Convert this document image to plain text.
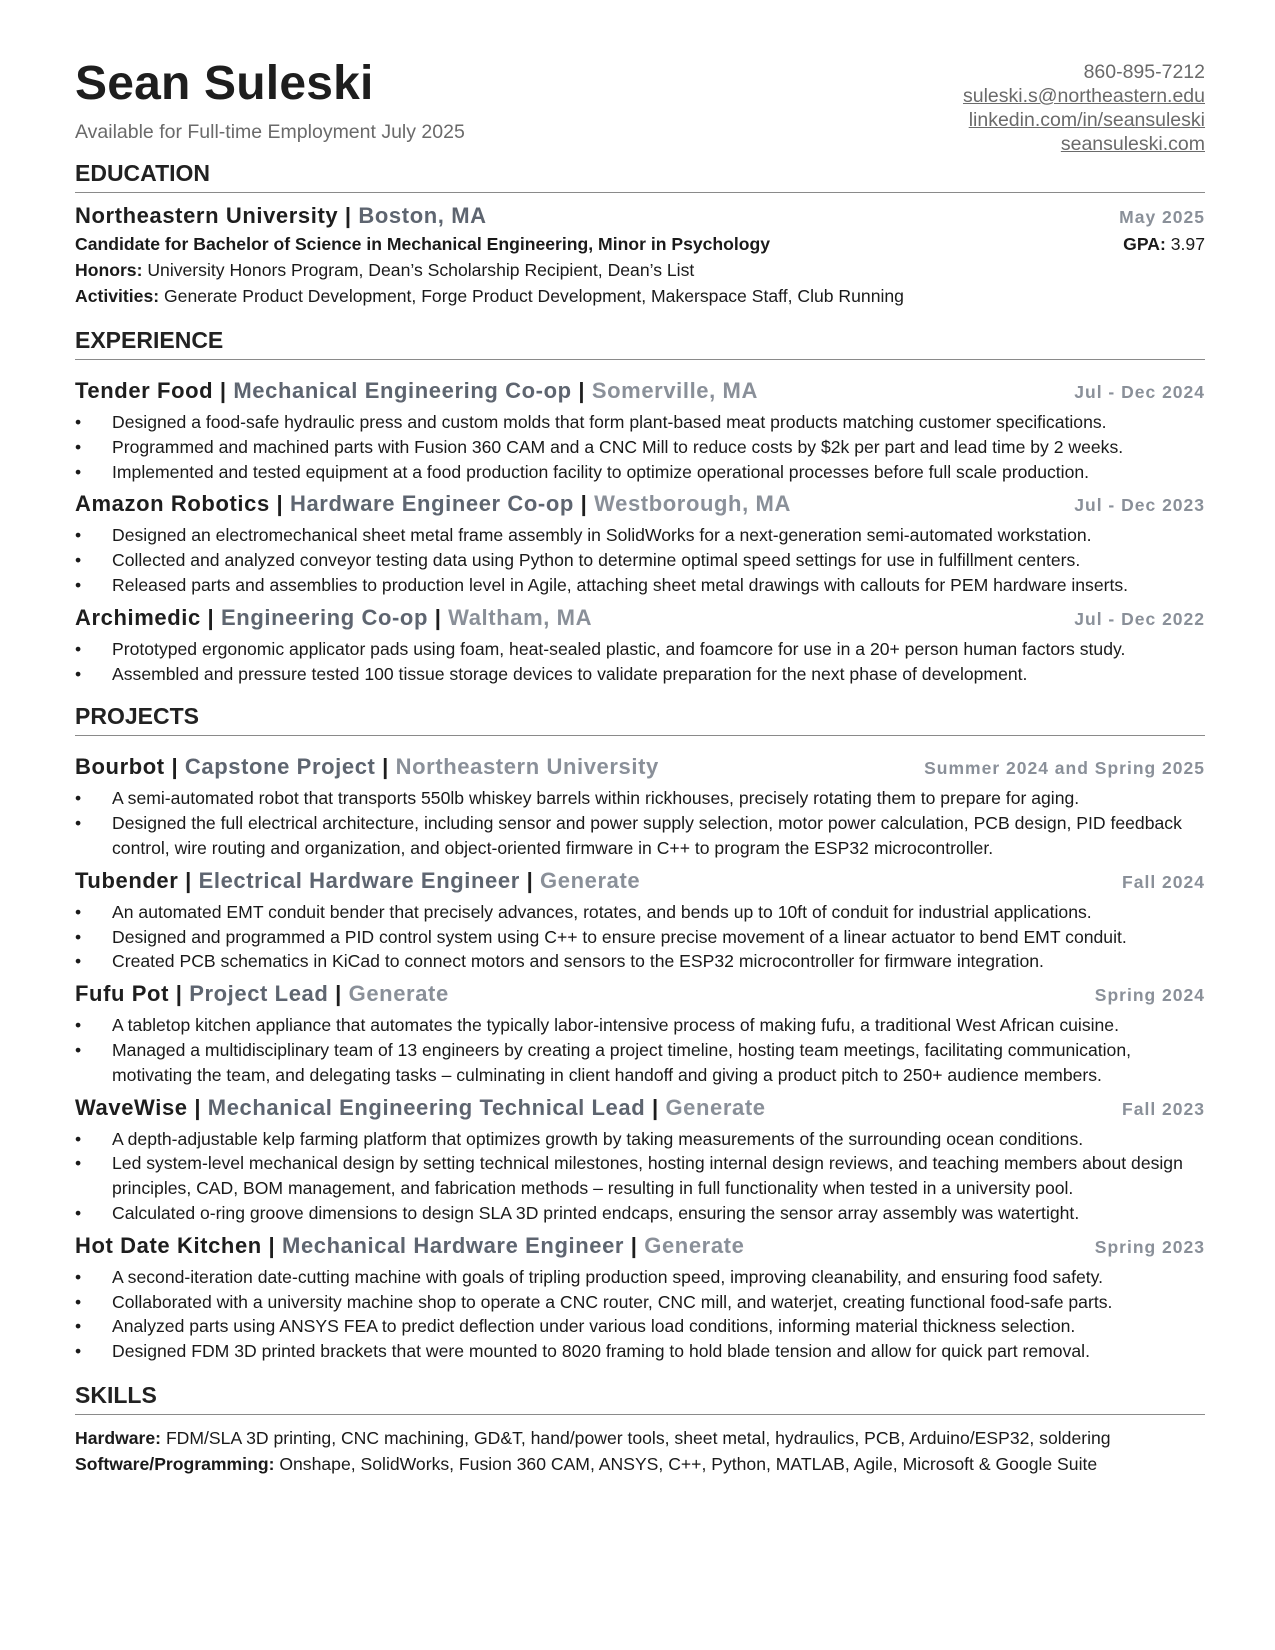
Sean Suleski
Available for Full-time Employment July 2025
860-895-7212
suleski.s@northeastern.edu
linkedin.com/in/seansuleski
seansuleski.com
EDUCATION
Northeastern University | Boston, MA	May 2025
Candidate for Bachelor of Science in Mechanical Engineering, Minor in Psychology	GPA: 3.97
Honors: University Honors Program, Dean’s Scholarship Recipient, Dean’s List
Activities: Generate Product Development, Forge Product Development, Makerspace Staff, Club Running
EXPERIENCE
Tender Food | Mechanical Engineering Co-op | Somerville, MA	Jul - Dec 2024
• Designed a food-safe hydraulic press and custom molds that form plant-based meat products matching customer specifications.
• Programmed and machined parts with Fusion 360 CAM and a CNC Mill to reduce costs by $2k per part and lead time by 2 weeks.
• Implemented and tested equipment at a food production facility to optimize operational processes before full scale production.
Amazon Robotics | Hardware Engineer Co-op | Westborough, MA	Jul - Dec 2023
• Designed an electromechanical sheet metal frame assembly in SolidWorks for a next-generation semi-automated workstation.
• Collected and analyzed conveyor testing data using Python to determine optimal speed settings for use in fulfillment centers.
• Released parts and assemblies to production level in Agile, attaching sheet metal drawings with callouts for PEM hardware inserts.
Archimedic | Engineering Co-op | Waltham, MA	Jul - Dec 2022
• Prototyped ergonomic applicator pads using foam, heat-sealed plastic, and foamcore for use in a 20+ person human factors study.
• Assembled and pressure tested 100 tissue storage devices to validate preparation for the next phase of development.
PROJECTS
Bourbot | Capstone Project | Northeastern University	Summer 2024 and Spring 2025
• A semi-automated robot that transports 550lb whiskey barrels within rickhouses, precisely rotating them to prepare for aging.
• Designed the full electrical architecture, including sensor and power supply selection, motor power calculation, PCB design, PID feedback control, wire routing and organization, and object-oriented firmware in C++ to program the ESP32 microcontroller.
Tubender | Electrical Hardware Engineer | Generate	Fall 2024
• An automated EMT conduit bender that precisely advances, rotates, and bends up to 10ft of conduit for industrial applications.
• Designed and programmed a PID control system using C++ to ensure precise movement of a linear actuator to bend EMT conduit.
• Created PCB schematics in KiCad to connect motors and sensors to the ESP32 microcontroller for firmware integration.
Fufu Pot | Project Lead | Generate	Spring 2024
• A tabletop kitchen appliance that automates the typically labor-intensive process of making fufu, a traditional West African cuisine.
• Managed a multidisciplinary team of 13 engineers by creating a project timeline, hosting team meetings, facilitating communication, motivating the team, and delegating tasks – culminating in client handoff and giving a product pitch to 250+ audience members.
WaveWise | Mechanical Engineering Technical Lead | Generate	Fall 2023
• A depth-adjustable kelp farming platform that optimizes growth by taking measurements of the surrounding ocean conditions.
• Led system-level mechanical design by setting technical milestones, hosting internal design reviews, and teaching members about design principles, CAD, BOM management, and fabrication methods – resulting in full functionality when tested in a university pool.
• Calculated o-ring groove dimensions to design SLA 3D printed endcaps, ensuring the sensor array assembly was watertight.
Hot Date Kitchen | Mechanical Hardware Engineer | Generate	Spring 2023
• A second-iteration date-cutting machine with goals of tripling production speed, improving cleanability, and ensuring food safety.
• Collaborated with a university machine shop to operate a CNC router, CNC mill, and waterjet, creating functional food-safe parts.
• Analyzed parts using ANSYS FEA to predict deflection under various load conditions, informing material thickness selection.
• Designed FDM 3D printed brackets that were mounted to 8020 framing to hold blade tension and allow for quick part removal.
SKILLS
Hardware: FDM/SLA 3D printing, CNC machining, GD&T, hand/power tools, sheet metal, hydraulics, PCB, Arduino/ESP32, soldering
Software/Programming: Onshape, SolidWorks, Fusion 360 CAM, ANSYS, C++, Python, MATLAB, Agile, Microsoft & Google Suite
